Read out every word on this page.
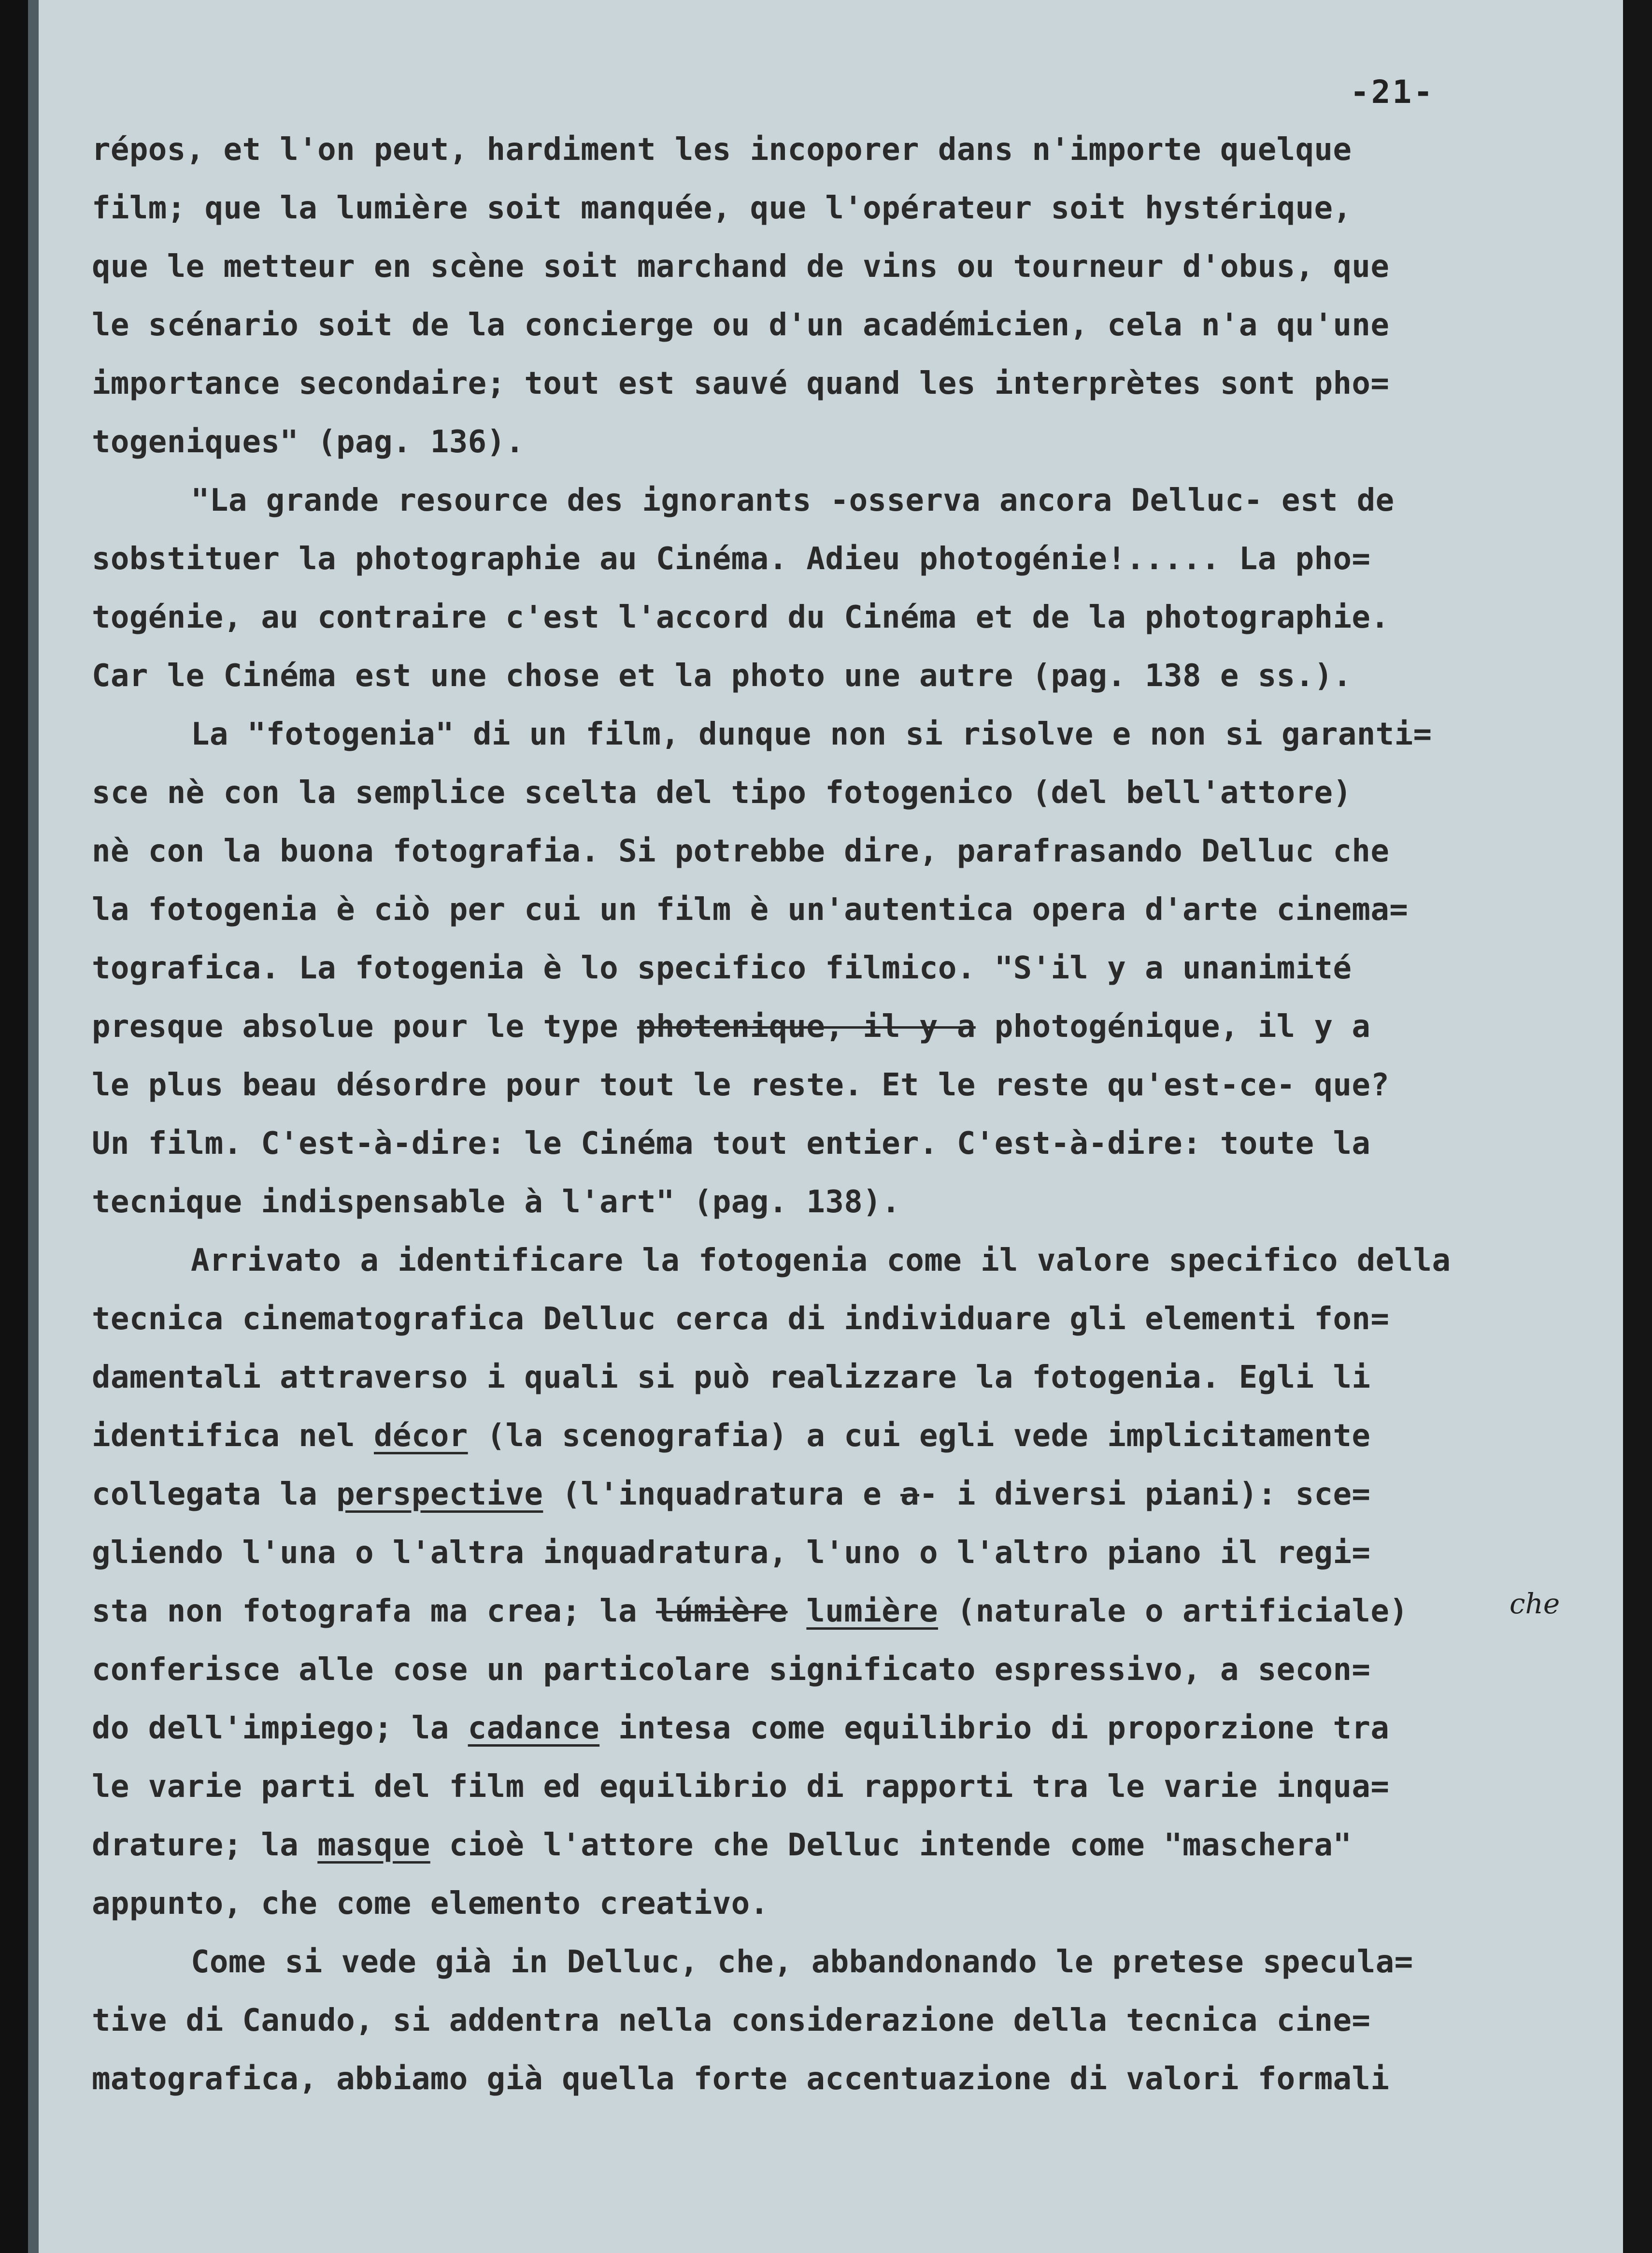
-21-
répos, et l'on peut, hardiment les incoporer dans n'importe quelque
film; que la lumière soit manquée, que l'opérateur soit hystérique,
que le metteur en scène soit marchand de vins ou tourneur d'obus, que
le scénario soit de la concierge ou d'un académicien, cela n'a qu'une
importance secondaire; tout est sauvé quand les interprètes sont pho=
togeniques" (pag. 136).
"La grande resource des ignorants -osserva ancora Delluc- est de
sobstituer la photographie au Cinéma. Adieu photogénie!..... La pho=
togénie, au contraire c'est l'accord du Cinéma et de la photographie.
Car le Cinéma est une chose et la photo une autre (pag. 138 e ss.).
La "fotogenia" di un film, dunque non si risolve e non si garanti=
sce nè con la semplice scelta del tipo fotogenico (del bell'attore)
nè con la buona fotografia. Si potrebbe dire, parafrasando Delluc che
la fotogenia è ciò per cui un film è un'autentica opera d'arte cinema=
tografica. La fotogenia è lo specifico filmico. "S'il y a unanimité
presque absolue pour le type photenique, il y a photogénique, il y a
le plus beau désordre pour tout le reste. Et le reste qu'est-ce- que?
Un film. C'est-à-dire: le Cinéma tout entier. C'est-à-dire: toute la
tecnique indispensable à l'art" (pag. 138).
Arrivato a identificare la fotogenia come il valore specifico della
tecnica cinematografica Delluc cerca di individuare gli elementi fon=
damentali attraverso i quali si può realizzare la fotogenia. Egli li
identifica nel décor (la scenografia) a cui egli vede implicitamente
collegata la perspective (l'inquadratura e a- i diversi piani): sce=
gliendo l'una o l'altra inquadratura, l'uno o l'altro piano il regi=
sta non fotografa ma crea; la lúmière lumière (naturale o artificiale)
conferisce alle cose un particolare significato espressivo, a secon=
do dell'impiego; la cadance intesa come equilibrio di proporzione tra
le varie parti del film ed equilibrio di rapporti tra le varie inqua=
drature; la masque cioè l'attore che Delluc intende come "maschera"
appunto, che come elemento creativo.
Come si vede già in Delluc, che, abbandonando le pretese specula=
tive di Canudo, si addentra nella considerazione della tecnica cine=
matografica, abbiamo già quella forte accentuazione di valori formali
che
